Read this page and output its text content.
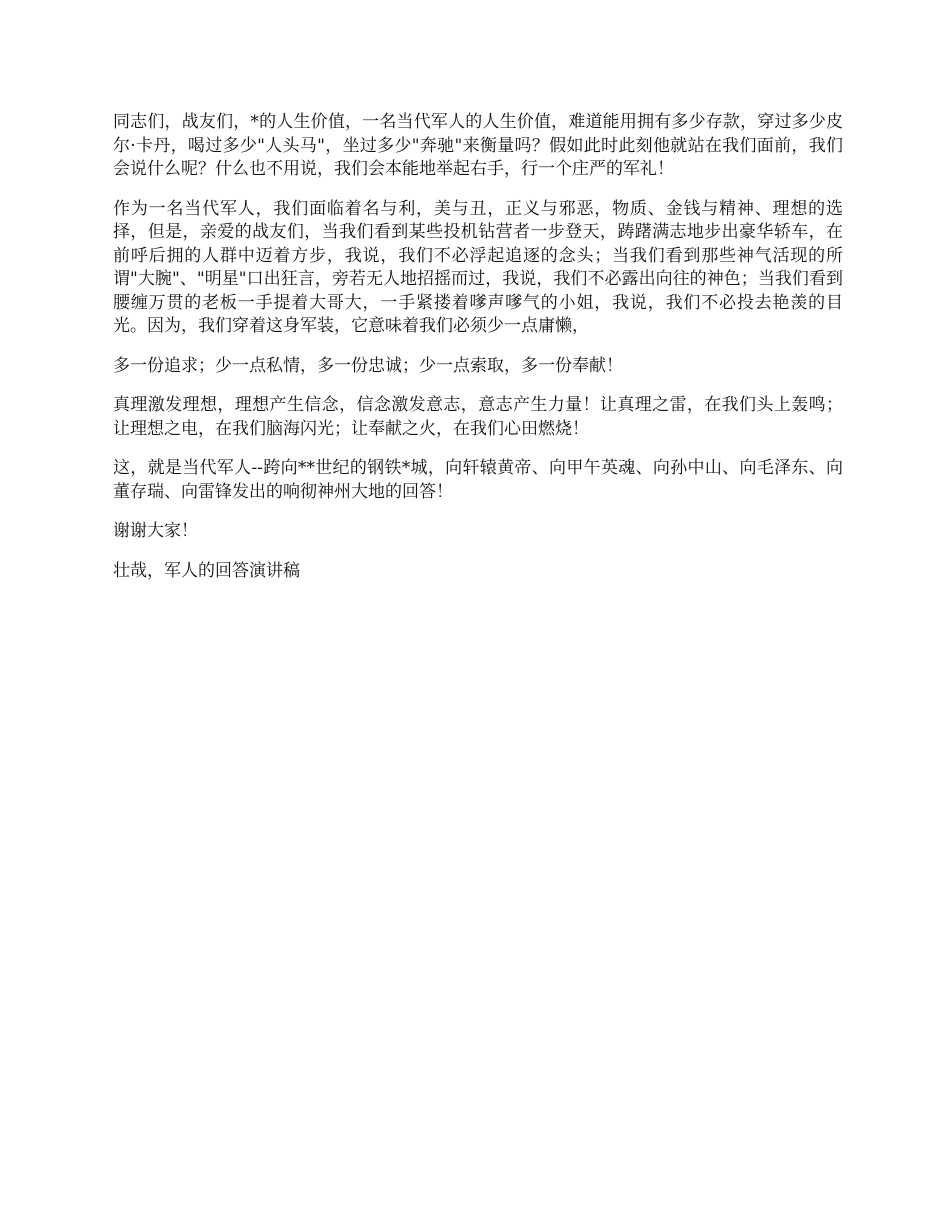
同志们，战友们，*的人生价值，一名当代军人的人生价值，难道能用拥有多少存款，穿过多少皮尔·卡丹，喝过多少"人头马"，坐过多少"奔驰"来衡量吗？假如此时此刻他就站在我们面前，我们会说什么呢？什么也不用说，我们会本能地举起右手，行一个庄严的军礼！

作为一名当代军人，我们面临着名与利，美与丑，正义与邪恶，物质、金钱与精神、理想的选择，但是，亲爱的战友们，当我们看到某些投机钻营者一步登天，踌躇满志地步出豪华轿车，在前呼后拥的人群中迈着方步，我说，我们不必浮起追逐的念头；当我们看到那些神气活现的所谓"大腕"、"明星"口出狂言，旁若无人地招摇而过，我说，我们不必露出向往的神色；当我们看到腰缠万贯的老板一手提着大哥大，一手紧搂着嗲声嗲气的小姐，我说，我们不必投去艳羡的目光。因为，我们穿着这身军装，它意味着我们必须少一点庸懒，

多一份追求；少一点私情，多一份忠诚；少一点索取，多一份奉献！

真理激发理想，理想产生信念，信念激发意志，意志产生力量！让真理之雷，在我们头上轰鸣；让理想之电，在我们脑海闪光；让奉献之火，在我们心田燃烧！

这，就是当代军人--跨向**世纪的钢铁*城，向轩辕黄帝、向甲午英魂、向孙中山、向毛泽东、向董存瑞、向雷锋发出的响彻神州大地的回答！

谢谢大家！

壮哉，军人的回答演讲稿
